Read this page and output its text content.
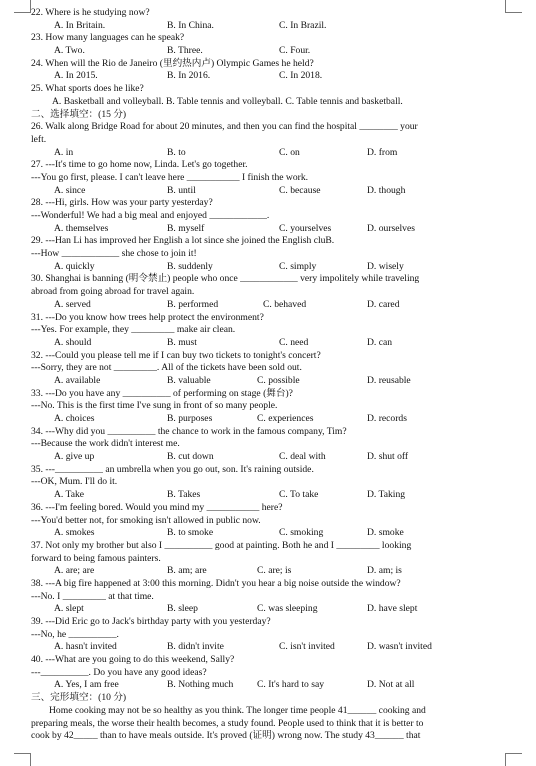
22. Where is he studying now?
A. In Britain.	B. In China.	C. In Brazil.
23. How many languages can he speak?
A. Two.	B. Three.	C. Four.
24. When will the Rio de Janeiro (里约热内卢) Olympic Games he held?
A. In 2015.	B. In 2016.	C. In 2018.
25. What sports does he like?
A. Basketball and volleyball. B. Table tennis and volleyball. C. Table tennis and basketball.
二、选择填空：(15 分)
26. Walk along Bridge Road for about 20 minutes, and then you can find the hospital ________ your
left.
A. in	B. to	C. on	D. from
27. ---It's time to go home now, Linda. Let's go together.
---You go first, please. I can't leave here ___________ I finish the work.
A. since	B. until	C. because	D. though
28. ---Hi, girls. How was your party yesterday?
---Wonderful! We had a big meal and enjoyed ____________.
A. themselves	B. myself	C. yourselves	D. ourselves
29. ---Han Li has improved her English a lot since she joined the English cluB.
---How ____________ she chose to join it!
A. quickly	B. suddenly	C. simply	D. wisely
30. Shanghai is banning (明令禁止) people who once ____________ very impolitely while traveling
abroad from going abroad for travel again.
A. served	B. performed	C. behaved	D. cared
31. ---Do you know how trees help protect the environment?
---Yes. For example, they _________ make air clean.
A. should	B. must	C. need	D. can
32. ---Could you please tell me if I can buy two tickets to tonight's concert?
---Sorry, they are not _________. All of the tickets have been sold out.
A. available	B. valuable	C. possible	D. reusable
33. ---Do you have any __________ of performing on stage (舞台)?
---No. This is the first time I've sung in front of so many people.
A. choices	B. purposes	C. experiences	D. records
34. ---Why did you __________ the chance to work in the famous company, Tim?
---Because the work didn't interest me.
A. give up	B. cut down	C. deal with	D. shut off
35. ---__________ an umbrella when you go out, son. It's raining outside.
---OK, Mum. I'll do it.
A. Take	B. Takes	C. To take	D. Taking
36. ---I'm feeling bored. Would you mind my ___________ here?
---You'd better not, for smoking isn't allowed in public now.
A. smokes	B. to smoke	C. smoking	D. smoke
37. Not only my brother but also I __________ good at painting. Both he and I _________ looking
forward to being famous painters.
A. are; are	B. am; are	C. are; is	D. am; is
38. ---A big fire happened at 3:00 this morning. Didn't you hear a big noise outside the window?
---No. I _________ at that time.
A. slept	B. sleep	C. was sleeping	D. have slept
39. ---Did Eric go to Jack's birthday party with you yesterday?
---No, he __________.
A. hasn't invited	B. didn't invite	C. isn't invited	D. wasn't invited
40. ---What are you going to do this weekend, Sally?
---__________. Do you have any good ideas?
A. Yes, I am free	B. Nothing much C. It's hard to say	D. Not at all
三、完形填空：(10 分)
Home cooking may not be so healthy as you think. The longer time people 41______ cooking and
preparing meals, the worse their health becomes, a study found. People used to think that it is better to
cook by 42_____ than to have meals outside. It's proved (证明) wrong now. The study 43______ that
